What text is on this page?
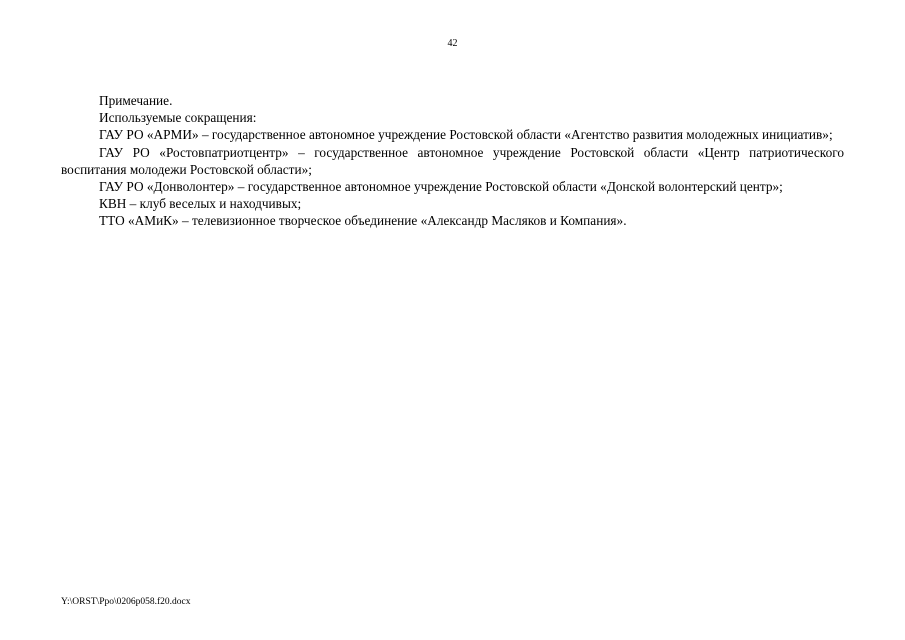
42

Примечание.

Используемые сокращения:

ГАУ РО «АРМИ» – государственное автономное учреждение Ростовской области «Агентство развития молодежных инициатив»;

ГАУ РО «Ростовпатриотцентр» – государственное автономное учреждение Ростовской области «Центр патриотического воспитания молодежи Ростовской области»;

ГАУ РО «Донволонтер» – государственное автономное учреждение Ростовской области «Донской волонтерский центр»;

КВН – клуб веселых и находчивых;

ТТО «АМиК» – телевизионное творческое объединение «Александр Масляков и Компания».

Y:\ORST\Ppo\0206p058.f20.docx
